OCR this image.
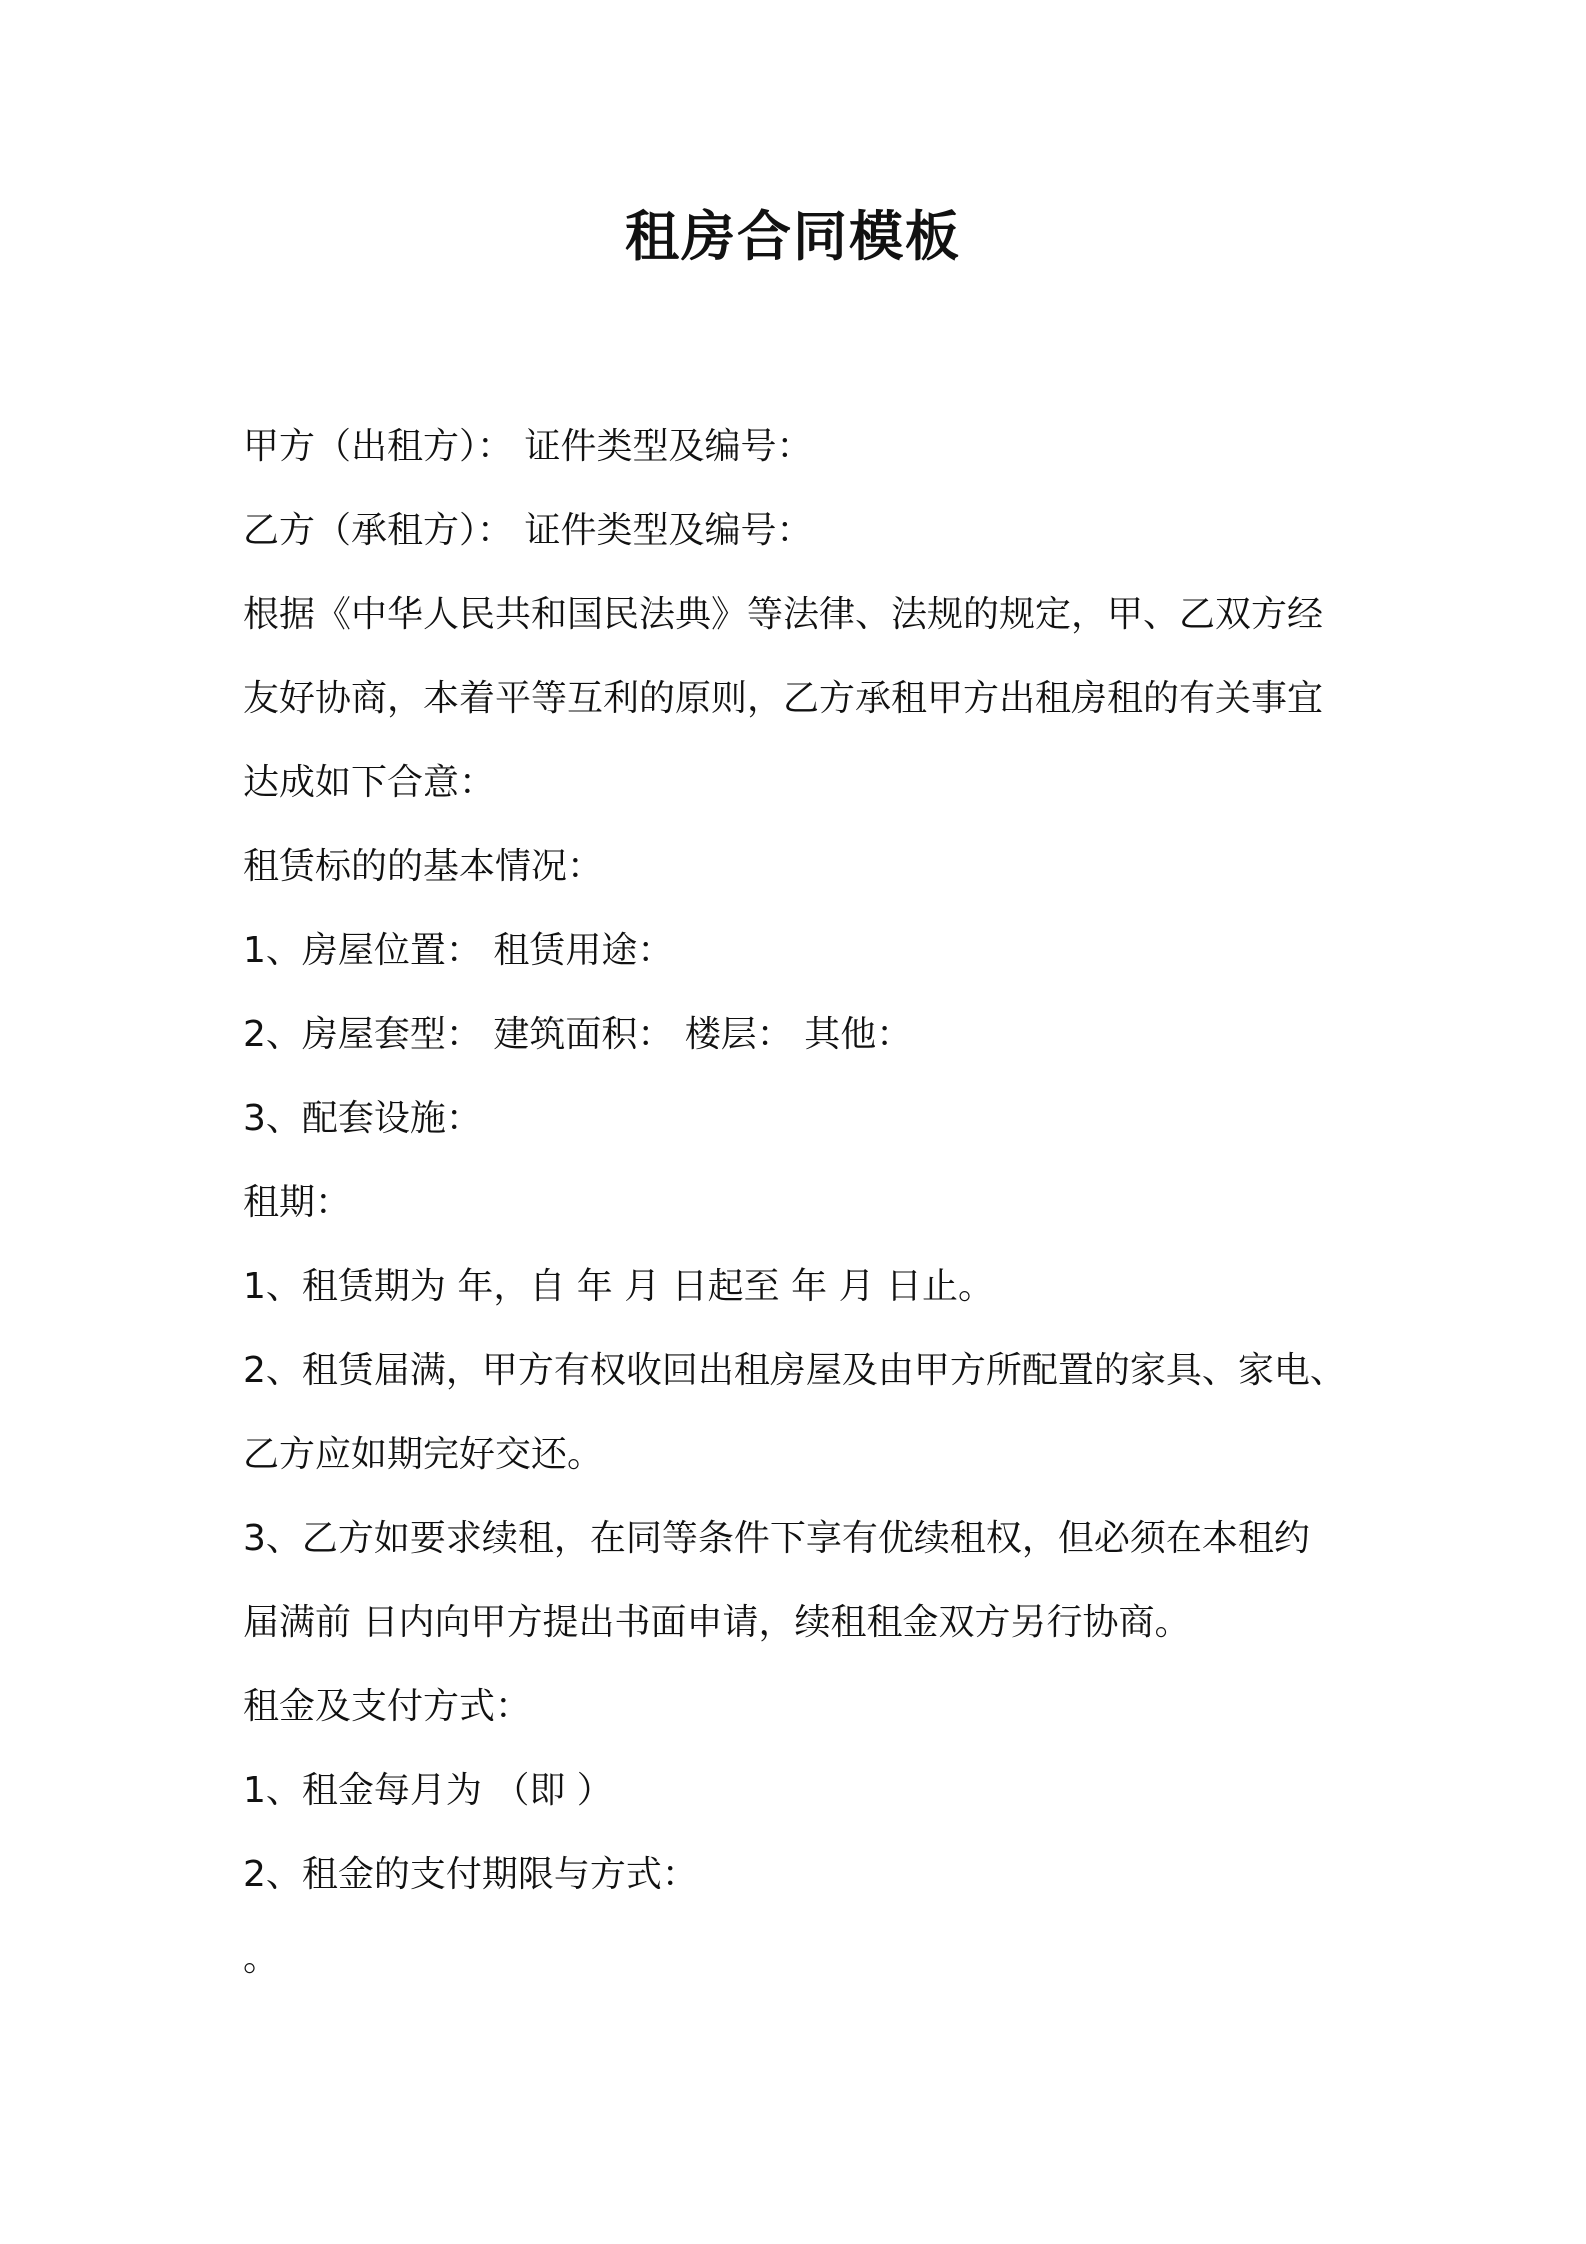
租房合同模板
甲方（出租方）： 证件类型及编号：
乙方（承租方）： 证件类型及编号：
根据《中华人民共和国民法典》等法律、法规的规定，甲、乙双方经
友好协商，本着平等互利的原则，乙方承租甲方出租房租的有关事宜
达成如下合意：
租赁标的的基本情况：
1、房屋位置： 租赁用途：
2、房屋套型： 建筑面积： 楼层： 其他：
3、配套设施：
租期：
1、租赁期为 年，自 年 月 日起至 年 月 日止。
2、租赁届满，甲方有权收回出租房屋及由甲方所配置的家具、家电、
乙方应如期完好交还。
3、乙方如要求续租，在同等条件下享有优续租权，但必须在本租约
届满前 日内向甲方提出书面申请，续租租金双方另行协商。
租金及支付方式：
1、租金每月为 （即 ）
2、租金的支付期限与方式：
。
